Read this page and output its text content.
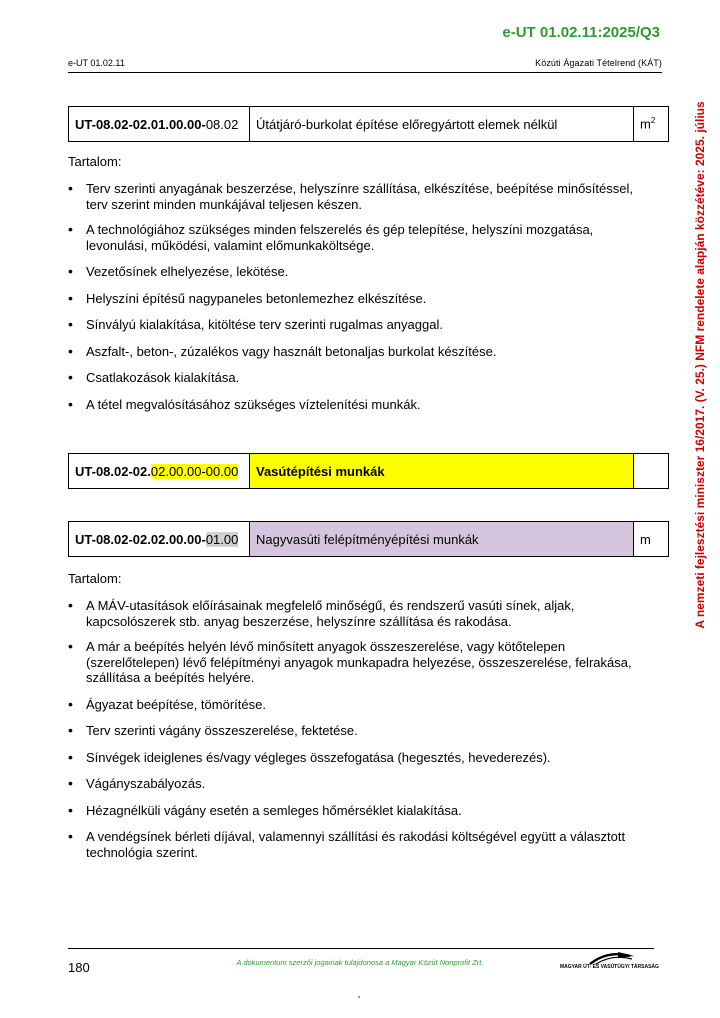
e-UT 01.02.11:2025/Q3
e-UT 01.02.11	Közúti Ágazati Tételrend (KÁT)
A nemzeti fejlesztési miniszter 16/2017. (V. 25.) NFM rendelete alapján közzétéve: 2025. július
UT-08.02-02.01.00.00-08.02	Útátjáró-burkolat építése előregyártott elemek nélkül	$m^2$
Tartalom:
• Terv szerinti anyagának beszerzése, helyszínre szállítása, elkészítése, beépítése minősítéssel, terv szerint minden munkájával teljesen készen.
• A technológiához szükséges minden felszerelés és gép telepítése, helyszíni mozgatása, levonulási, működési, valamint előmunkaköltsége.
• Vezetősínek elhelyezése, lekötése.
• Helyszíni építésű nagypaneles betonlemezhez elkészítése.
• Sínvályú kialakítása, kitöltése terv szerinti rugalmas anyaggal.
• Aszfalt-, beton-, zúzalékos vagy használt betonaljas burkolat készítése.
• Csatlakozások kialakítása.
• A tétel megvalósításához szükséges víztelenítési munkák.
UT-08.02-02.02.00.00-00.00	Vasútépítési munkák	
UT-08.02-02.02.00.00-01.00	Nagyvasúti felépítményépítési munkák	m
Tartalom:
• A MÁV-utasítások előírásainak megfelelő minőségű, és rendszerű vasúti sínek, aljak, kapcsolószerek stb. anyag beszerzése, helyszínre szállítása és rakodása.
• A már a beépítés helyén lévő minősített anyagok összeszerelése, vagy kötőtelepen (szerelőtelepen) lévő felépítményi anyagok munkapadra helyezése, összeszerelése, felrakása, szállítása a beépítés helyére.
• Ágyazat beépítése, tömörítése.
• Terv szerinti vágány összeszerelése, fektetése.
• Sínvégek ideiglenes és/vagy végleges összefogatása (hegesztés, hevederezés).
• Vágányszabályozás.
• Hézagnélküli vágány esetén a semleges hőmérséklet kialakítása.
• A vendégsínek bérleti díjával, valamennyi szállítási és rakodási költségével együtt a választott technológia szerint.
180	A dokumentum szerzői jogainak tulajdonosa a Magyar Közút Nonprofit Zrt.	MAGYAR ÚT- ÉS VASÚTÜGYI TÁRSASÁG
